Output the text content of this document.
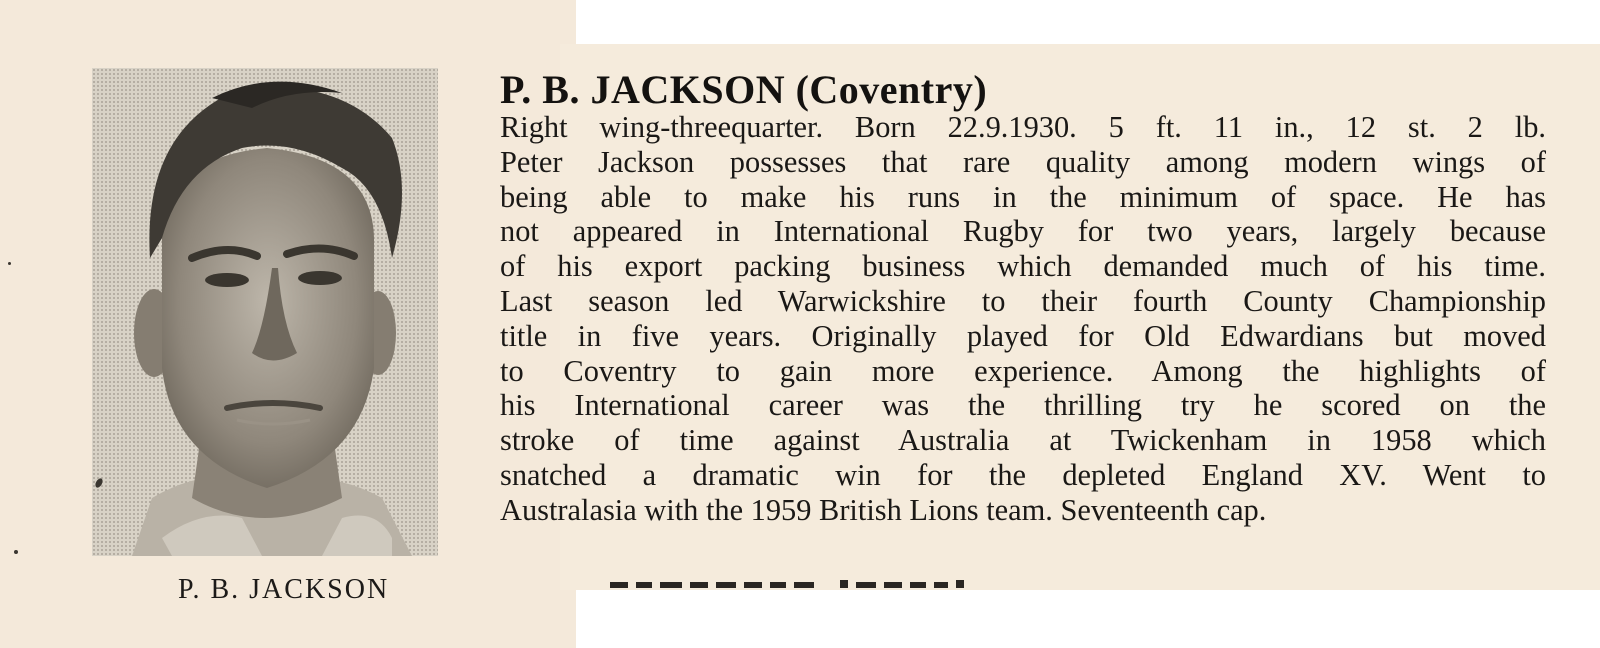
P. B. JACKSON
P. B. JACKSON (Coventry)
Right wing-threequarter. Born 22.9.1930. 5 ft. 11 in., 12 st. 2 lb.
Peter Jackson possesses that rare quality among modern wings of
being able to make his runs in the minimum of space. He has
not appeared in International Rugby for two years, largely because
of his export packing business which demanded much of his time.
Last season led Warwickshire to their fourth County Championship
title in five years. Originally played for Old Edwardians but moved
to Coventry to gain more experience. Among the highlights of
his International career was the thrilling try he scored on the
stroke of time against Australia at Twickenham in 1958 which
snatched a dramatic win for the depleted England XV. Went to
Australasia with the 1959 British Lions team. Seventeenth cap.
